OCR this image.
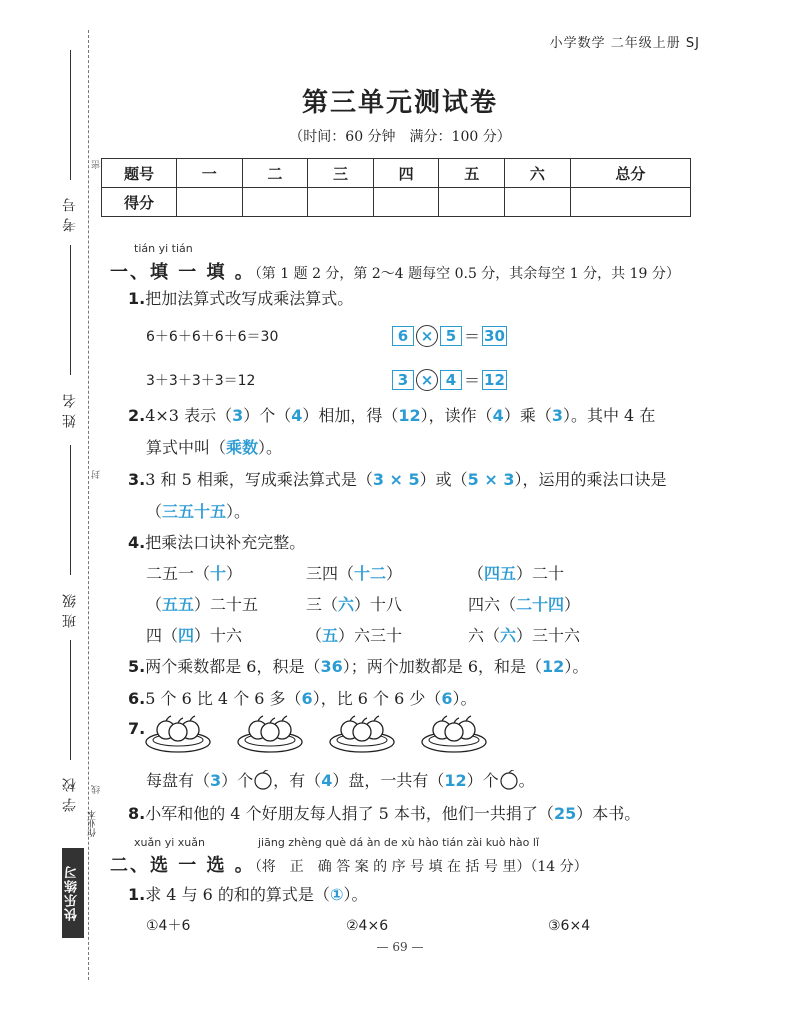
密
封
线
考号
姓名
班级
学校
作业本
快乐练习
小学数学 二年级上册 SJ
第三单元测试卷
（时间：60 分钟　满分：100 分）
题号	一	二	三	四	五	六	总分
得分							
tián yi tián
一、填 一 填 。（第 1 题 2 分，第 2～4 题每空 0.5 分，其余每空 1 分，共 19 分）
1.把加法算式改写成乘法算式。
6＋6＋6＋6＋6＝30	6 × 5 ＝ 30
3＋3＋3＋3＝12	3 × 4 ＝ 12
2.4×3 表示（3）个（4）相加，得（12），读作（4）乘（3）。其中 4 在
算式中叫（乘数）。
3.3 和 5 相乘，写成乘法算式是（3 × 5）或（5 × 3），运用的乘法口诀是
（三五十五）。
4.把乘法口诀补充完整。
二五一（十）	三四（十二）	（四五）二十
（五五）二十五	三（六）十八	四六（二十四）
四（四）十六	（五）六三十	六（六）三十六
5.两个乘数都是 6，积是（36）；两个加数都是 6，和是（12）。
6.5 个 6 比 4 个 6 多（6），比 6 个 6 少（6）。
7.
每盘有（3）个 ，有（4）盘，一共有（12）个 。
8.小军和他的 4 个好朋友每人捐了 5 本书，他们一共捐了（25）本书。
xuǎn yi xuǎn	jiāng zhèng què dá àn de xù hào tián zài kuò hào lǐ
二、选 一 选 。（将　正　确 答 案 的 序 号 填 在 括 号 里）（14 分）
1.求 4 与 6 的和的算式是（①）。
①4＋6	②4×6	③6×4
— 69 —
